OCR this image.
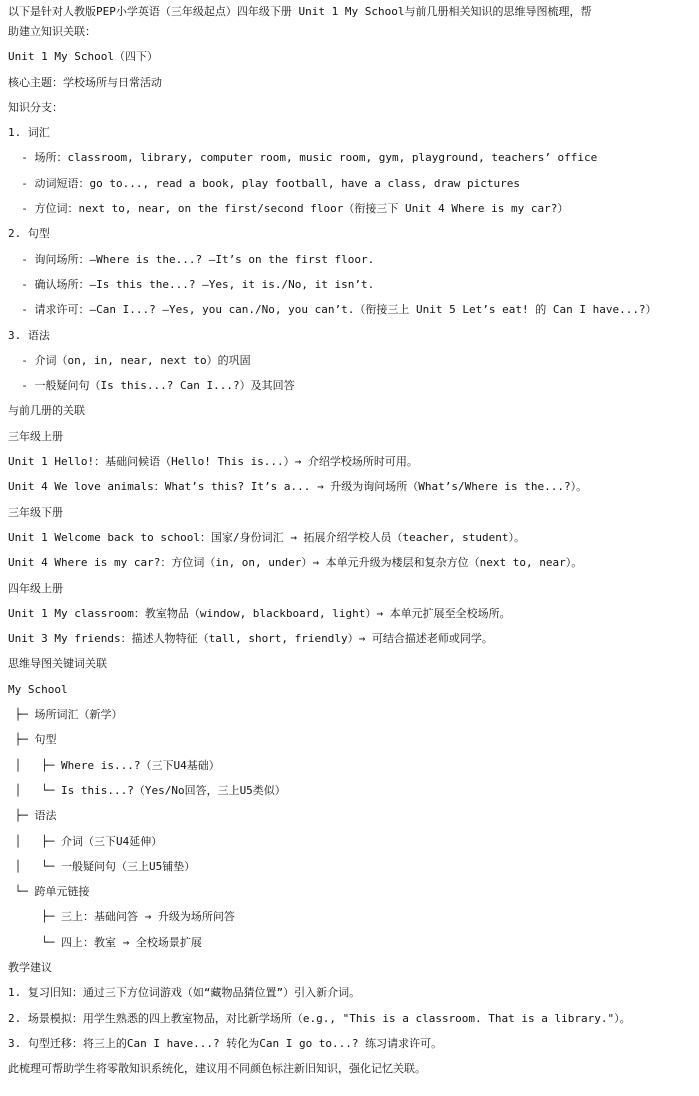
以下是针对人教版PEP小学英语（三年级起点）四年级下册 Unit 1 My School与前几册相关知识的思维导图梳理，帮
助建立知识关联：
Unit 1 My School（四下）
核心主题：学校场所与日常活动
知识分支：
1. 词汇
- 场所：classroom, library, computer room, music room, gym, playground, teachers’ office
- 动词短语：go to..., read a book, play football, have a class, draw pictures
- 方位词：next to, near, on the first/second floor（衔接三下 Unit 4 Where is my car?）
2. 句型
- 询问场所：—Where is the...? —It’s on the first floor.
- 确认场所：—Is this the...? —Yes, it is./No, it isn’t.
- 请求许可：—Can I...? —Yes, you can./No, you can’t.（衔接三上 Unit 5 Let’s eat! 的 Can I have...?）
3. 语法
- 介词（on, in, near, next to）的巩固
- 一般疑问句（Is this...? Can I...?）及其回答
与前几册的关联
三年级上册
Unit 1 Hello!：基础问候语（Hello! This is...）→ 介绍学校场所时可用。
Unit 4 We love animals：What’s this? It’s a... → 升级为询问场所（What’s/Where is the...?）。
三年级下册
Unit 1 Welcome back to school：国家/身份词汇 → 拓展介绍学校人员（teacher, student）。
Unit 4 Where is my car?：方位词（in, on, under）→ 本单元升级为楼层和复杂方位（next to, near）。
四年级上册
Unit 1 My classroom：教室物品（window, blackboard, light）→ 本单元扩展至全校场所。
Unit 3 My friends：描述人物特征（tall, short, friendly）→ 可结合描述老师或同学。
思维导图关键词关联
My School
├─ 场所词汇（新学）
├─ 句型
│   ├─ Where is...?（三下U4基础）
│   └─ Is this...?（Yes/No回答，三上U5类似）
├─ 语法
│   ├─ 介词（三下U4延伸）
│   └─ 一般疑问句（三上U5铺垫）
└─ 跨单元链接
├─ 三上：基础问答 → 升级为场所问答
└─ 四上：教室 → 全校场景扩展
教学建议
1. 复习旧知：通过三下方位词游戏（如“藏物品猜位置”）引入新介词。
2. 场景模拟：用学生熟悉的四上教室物品，对比新学场所（e.g., "This is a classroom. That is a library."）。
3. 句型迁移：将三上的Can I have...? 转化为Can I go to...? 练习请求许可。
此梳理可帮助学生将零散知识系统化，建议用不同颜色标注新旧知识，强化记忆关联。
